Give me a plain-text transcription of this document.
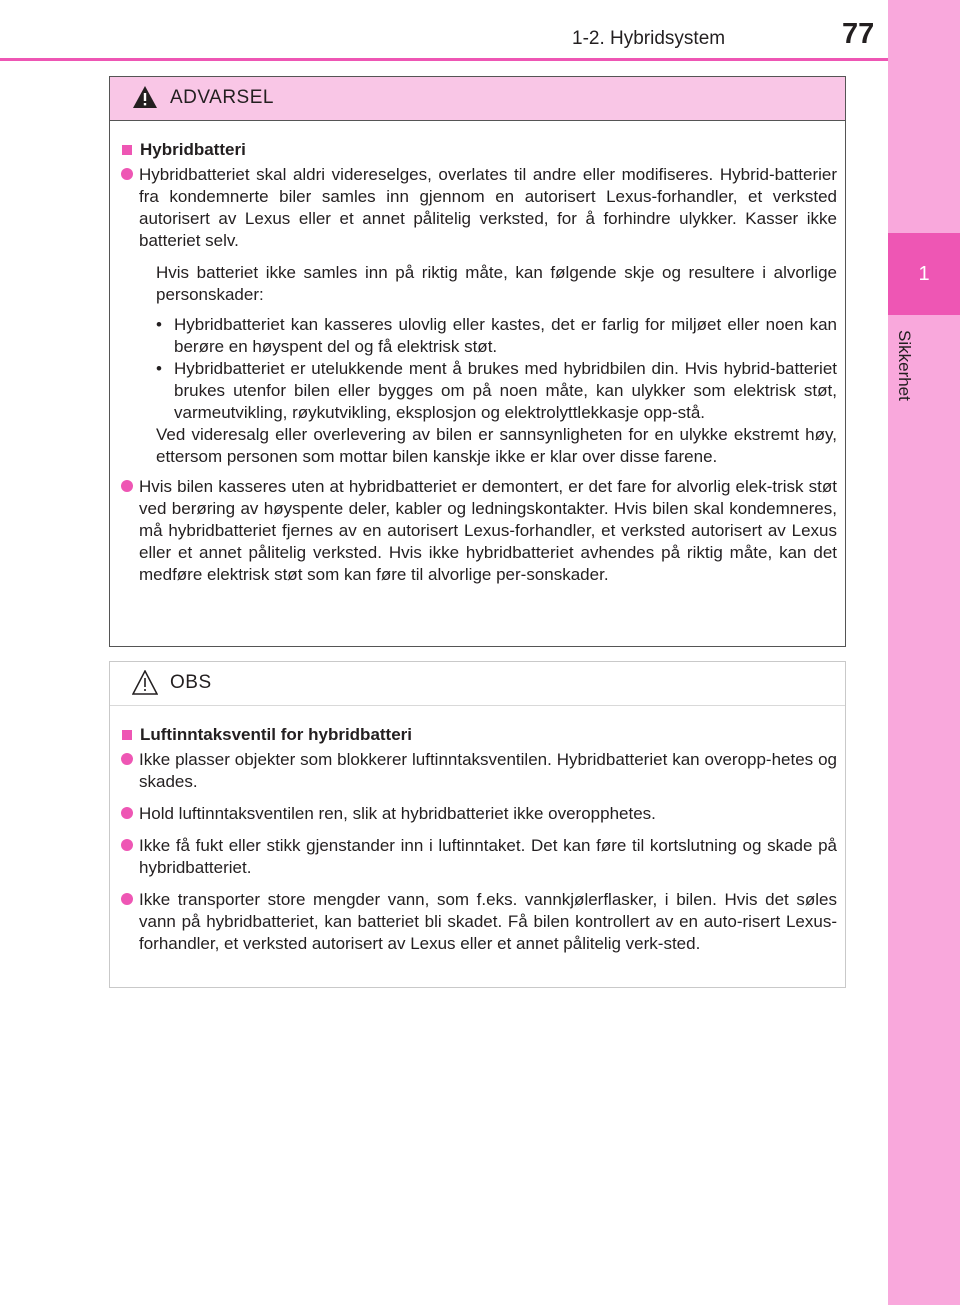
1
Sikkerhet
1-2. Hybridsystem	77
ADVARSEL
Hybridbatteri
Hybridbatteriet skal aldri videreselges, overlates til andre eller modifiseres. Hybrid-batterier fra kondemnerte biler samles inn gjennom en autorisert Lexus-forhandler, et verksted autorisert av Lexus eller et annet pålitelig verksted, for å forhindre ulykker. Kasser ikke batteriet selv.
Hvis batteriet ikke samles inn på riktig måte, kan følgende skje og resultere i alvorlige personskader:
• Hybridbatteriet kan kasseres ulovlig eller kastes, det er farlig for miljøet eller noen kan berøre en høyspent del og få elektrisk støt.
• Hybridbatteriet er utelukkende ment å brukes med hybridbilen din. Hvis hybrid-batteriet brukes utenfor bilen eller bygges om på noen måte, kan ulykker som elektrisk støt, varmeutvikling, røykutvikling, eksplosjon og elektrolyttlekkasje opp-stå.
Ved videresalg eller overlevering av bilen er sannsynligheten for en ulykke ekstremt høy, ettersom personen som mottar bilen kanskje ikke er klar over disse farene.
Hvis bilen kasseres uten at hybridbatteriet er demontert, er det fare for alvorlig elek-trisk støt ved berøring av høyspente deler, kabler og ledningskontakter. Hvis bilen skal kondemneres, må hybridbatteriet fjernes av en autorisert Lexus-forhandler, et verksted autorisert av Lexus eller et annet pålitelig verksted. Hvis ikke hybridbatteriet avhendes på riktig måte, kan det medføre elektrisk støt som kan føre til alvorlige per-sonskader.
OBS
Luftinntaksventil for hybridbatteri
Ikke plasser objekter som blokkerer luftinntaksventilen. Hybridbatteriet kan overopp-hetes og skades.
Hold luftinntaksventilen ren, slik at hybridbatteriet ikke overopphetes.
Ikke få fukt eller stikk gjenstander inn i luftinntaket. Det kan føre til kortslutning og skade på hybridbatteriet.
Ikke transporter store mengder vann, som f.eks. vannkjølerflasker, i bilen. Hvis det søles vann på hybridbatteriet, kan batteriet bli skadet. Få bilen kontrollert av en auto-risert Lexus-forhandler, et verksted autorisert av Lexus eller et annet pålitelig verk-sted.
